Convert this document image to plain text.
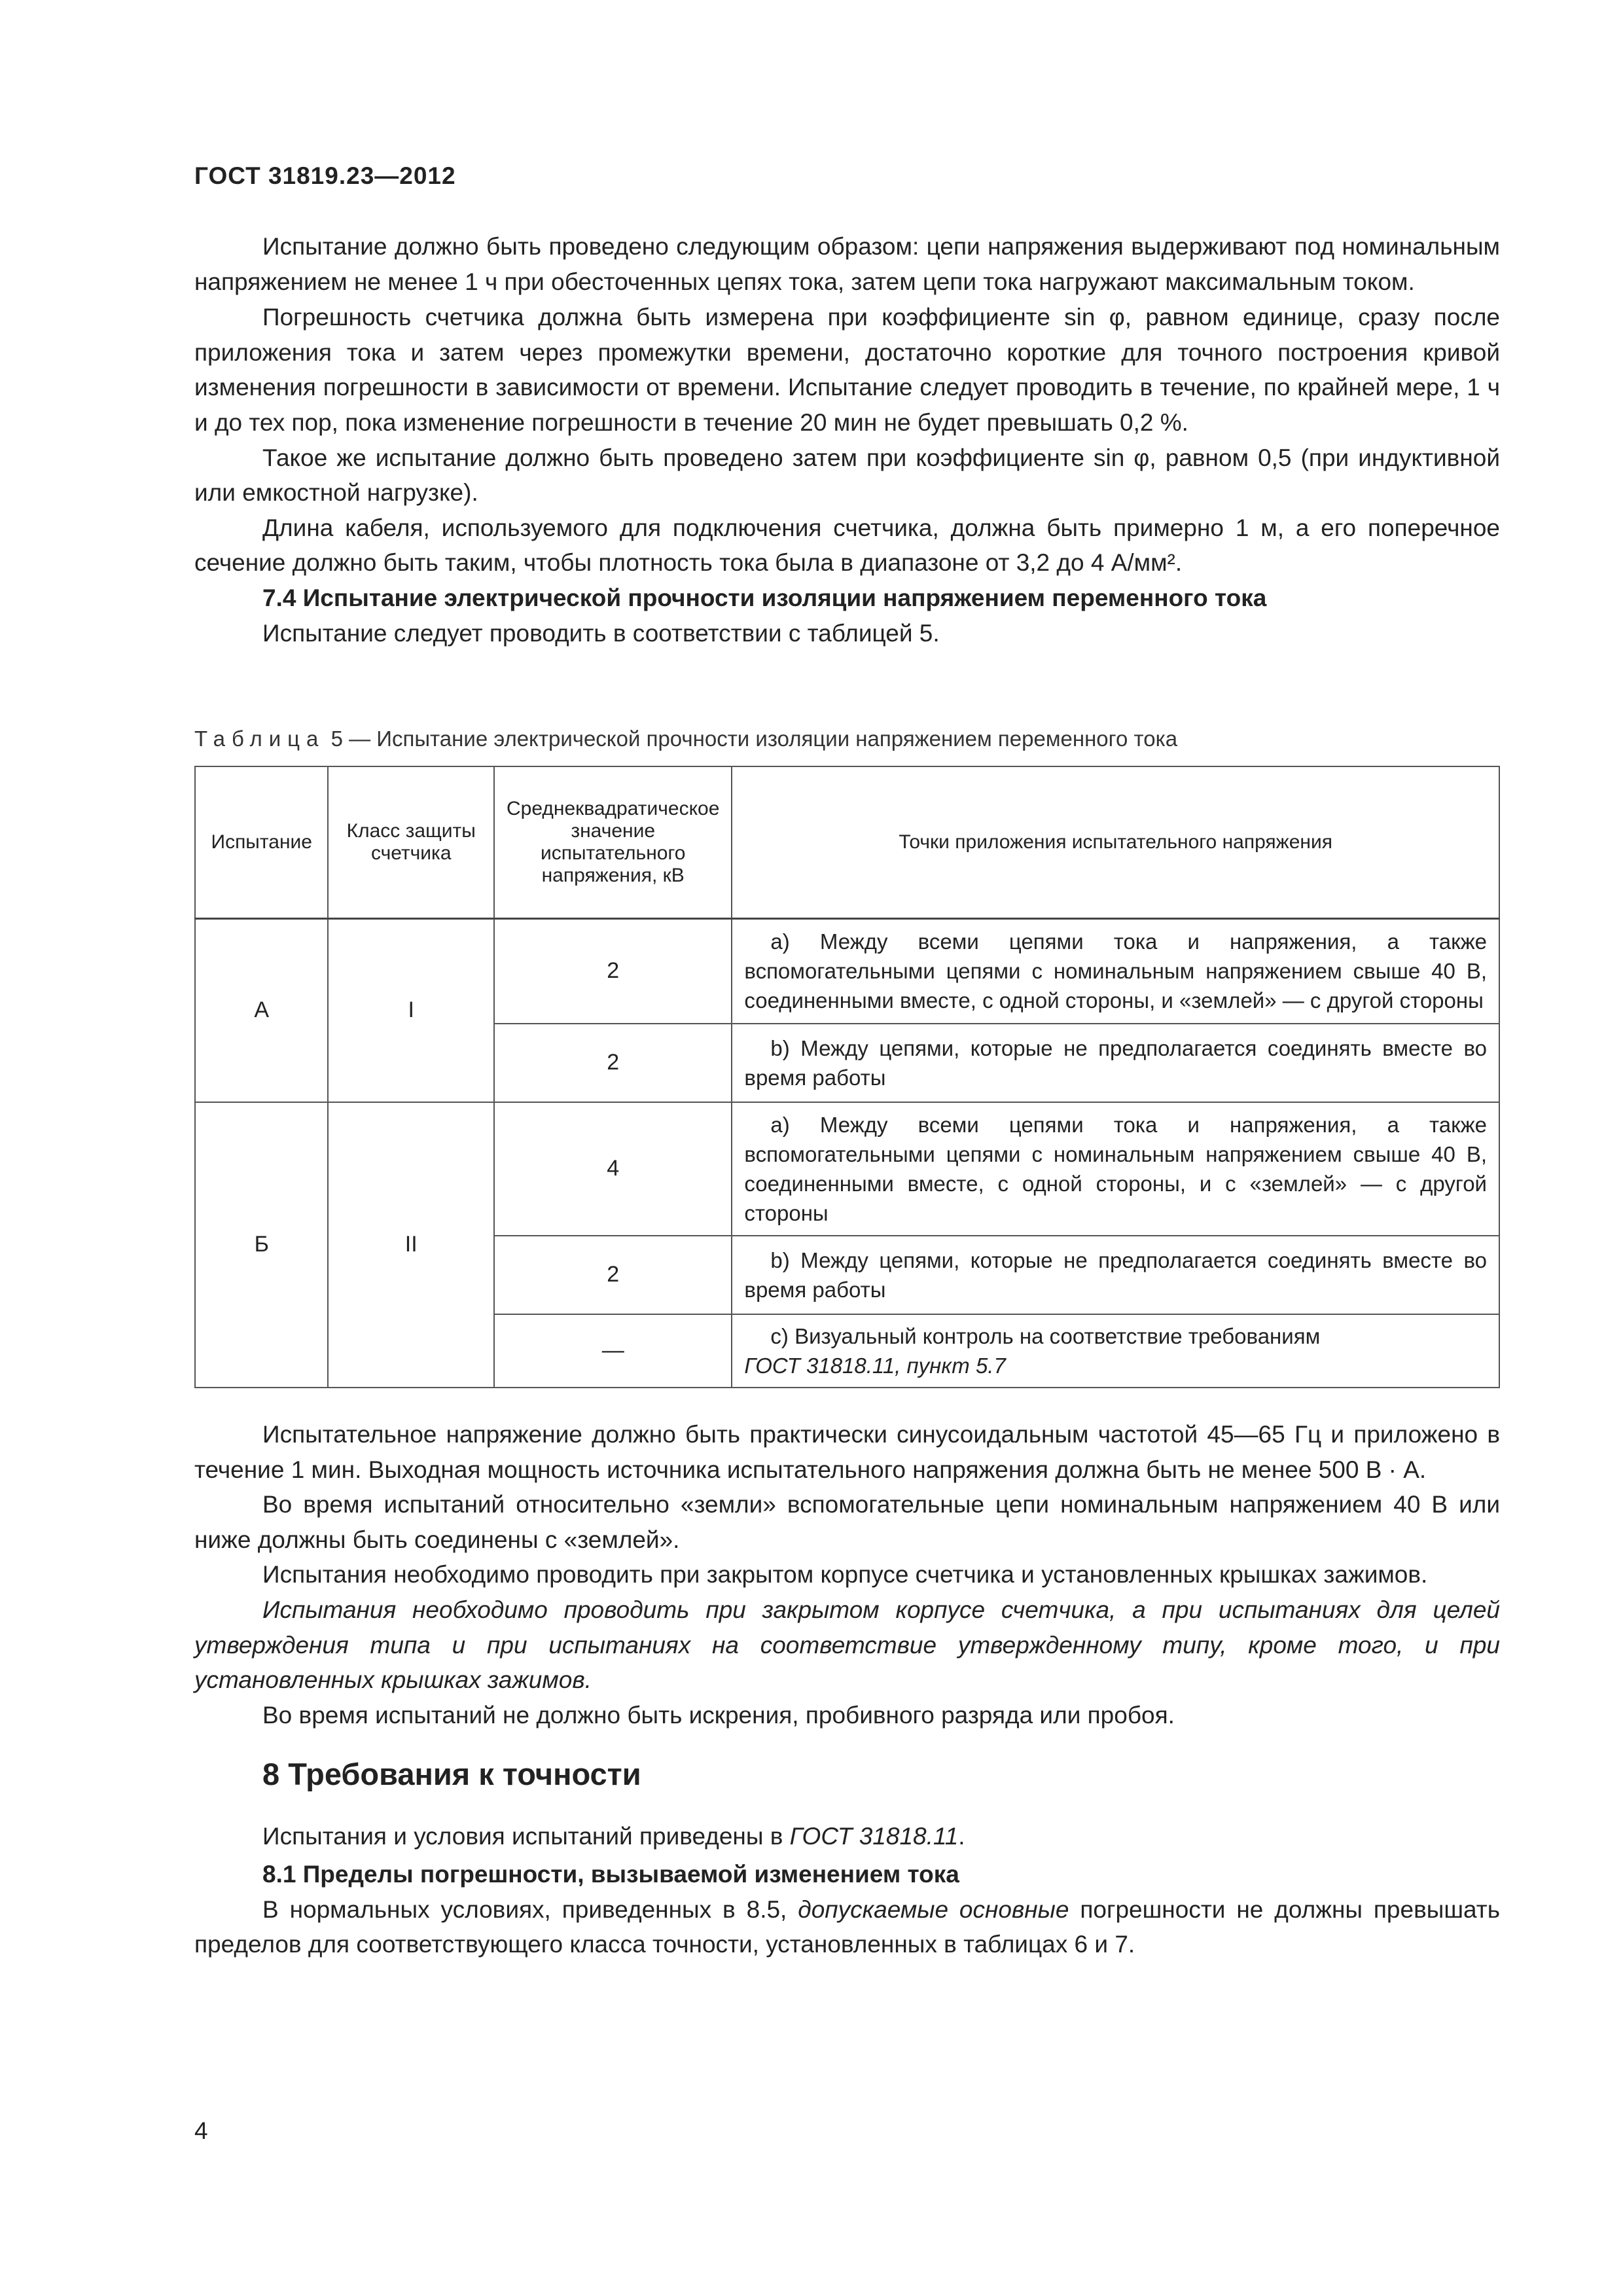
ГОСТ 31819.23—2012

Испытание должно быть проведено следующим образом: цепи напряжения выдерживают под номинальным напряжением не менее 1 ч при обесточенных цепях тока, затем цепи тока нагружают максимальным током.

Погрешность счетчика должна быть измерена при коэффициенте sin φ, равном единице, сразу после приложения тока и затем через промежутки времени, достаточно короткие для точного построения кривой изменения погрешности в зависимости от времени. Испытание следует проводить в течение, по крайней мере, 1 ч и до тех пор, пока изменение погрешности в течение 20 мин не будет превышать 0,2 %.

Такое же испытание должно быть проведено затем при коэффициенте sin φ, равном 0,5 (при индуктивной или емкостной нагрузке).

Длина кабеля, используемого для подключения счетчика, должна быть примерно 1 м, а его поперечное сечение должно быть таким, чтобы плотность тока была в диапазоне от 3,2 до 4 А/мм².

7.4 Испытание электрической прочности изоляции напряжением переменного тока

Испытание следует проводить в соответствии с таблицей 5.

Таблица 5 — Испытание электрической прочности изоляции напряжением переменного тока
Испытание	Класс защиты счетчика	Среднеквадратическое значение испытательного напряжения, кВ	Точки приложения испытательного напряжения
А	I	2	а) Между всеми цепями тока и напряжения, а также вспомогательными цепями с номинальным напряжением свыше 40 В, соединенными вместе, с одной стороны, и «землей» — с другой стороны
		2	b) Между цепями, которые не предполагается соединять вместе во время работы
Б	II	4	а) Между всеми цепями тока и напряжения, а также вспомогательными цепями с номинальным напряжением свыше 40 В, соединенными вместе, с одной стороны, и с «землей» — с другой стороны
		2	b) Между цепями, которые не предполагается соединять вместе во время работы
		—	c) Визуальный контроль на соответствие требованиям
ГОСТ 31818.11, пункт 5.7

Испытательное напряжение должно быть практически синусоидальным частотой 45—65 Гц и приложено в течение 1 мин. Выходная мощность источника испытательного напряжения должна быть не менее 500 В · А.

Во время испытаний относительно «земли» вспомогательные цепи номинальным напряжением 40 В или ниже должны быть соединены с «землей».

Испытания необходимо проводить при закрытом корпусе счетчика и установленных крышках зажимов.

Испытания необходимо проводить при закрытом корпусе счетчика, а при испытаниях для целей утверждения типа и при испытаниях на соответствие утвержденному типу, кроме того, и при установленных крышках зажимов.

Во время испытаний не должно быть искрения, пробивного разряда или пробоя.

8 Требования к точности

Испытания и условия испытаний приведены в ГОСТ 31818.11.

8.1 Пределы погрешности, вызываемой изменением тока

В нормальных условиях, приведенных в 8.5, допускаемые основные погрешности не должны превышать пределов для соответствующего класса точности, установленных в таблицах 6 и 7.

4
